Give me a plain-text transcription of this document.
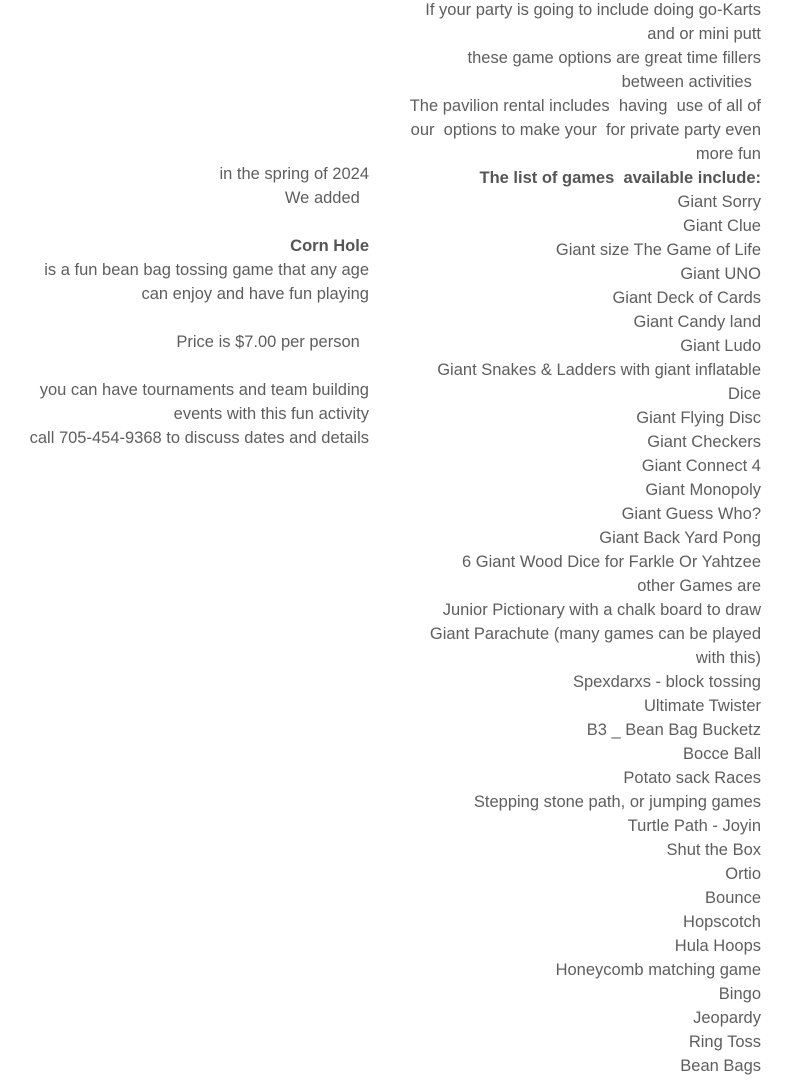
in the spring of 2024
We added
Corn Hole
is a fun bean bag tossing game that any age can enjoy and have fun playing
Price is $7.00 per person
you can have tournaments and team building events with this fun activity
call 705-454-9368 to discuss dates and details
If your party is going to include doing go-Karts and or mini putt
these game options are great time fillers between activities
The pavilion rental includes  having  use of all of our  options to make your  for private party even more fun
The list of games  available include:
Giant Sorry
Giant Clue
Giant size The Game of Life
Giant UNO
Giant Deck of Cards
Giant Candy land
Giant Ludo
Giant Snakes & Ladders with giant inflatable Dice
Giant Flying Disc
Giant Checkers
Giant Connect 4
Giant Monopoly
Giant Guess Who?
Giant Back Yard Pong
6 Giant Wood Dice for Farkle Or Yahtzee
other Games are
Junior Pictionary with a chalk board to draw
Giant Parachute (many games can be played with this)
Spexdarxs - block tossing
Ultimate Twister
B3 _ Bean Bag Bucketz
Bocce Ball
Potato sack Races
Stepping stone path, or jumping games
Turtle Path - Joyin
Shut the Box
Ortio
Bounce
Hopscotch
Hula Hoops
Honeycomb matching game
Bingo
Jeopardy
Ring Toss
Bean Bags
